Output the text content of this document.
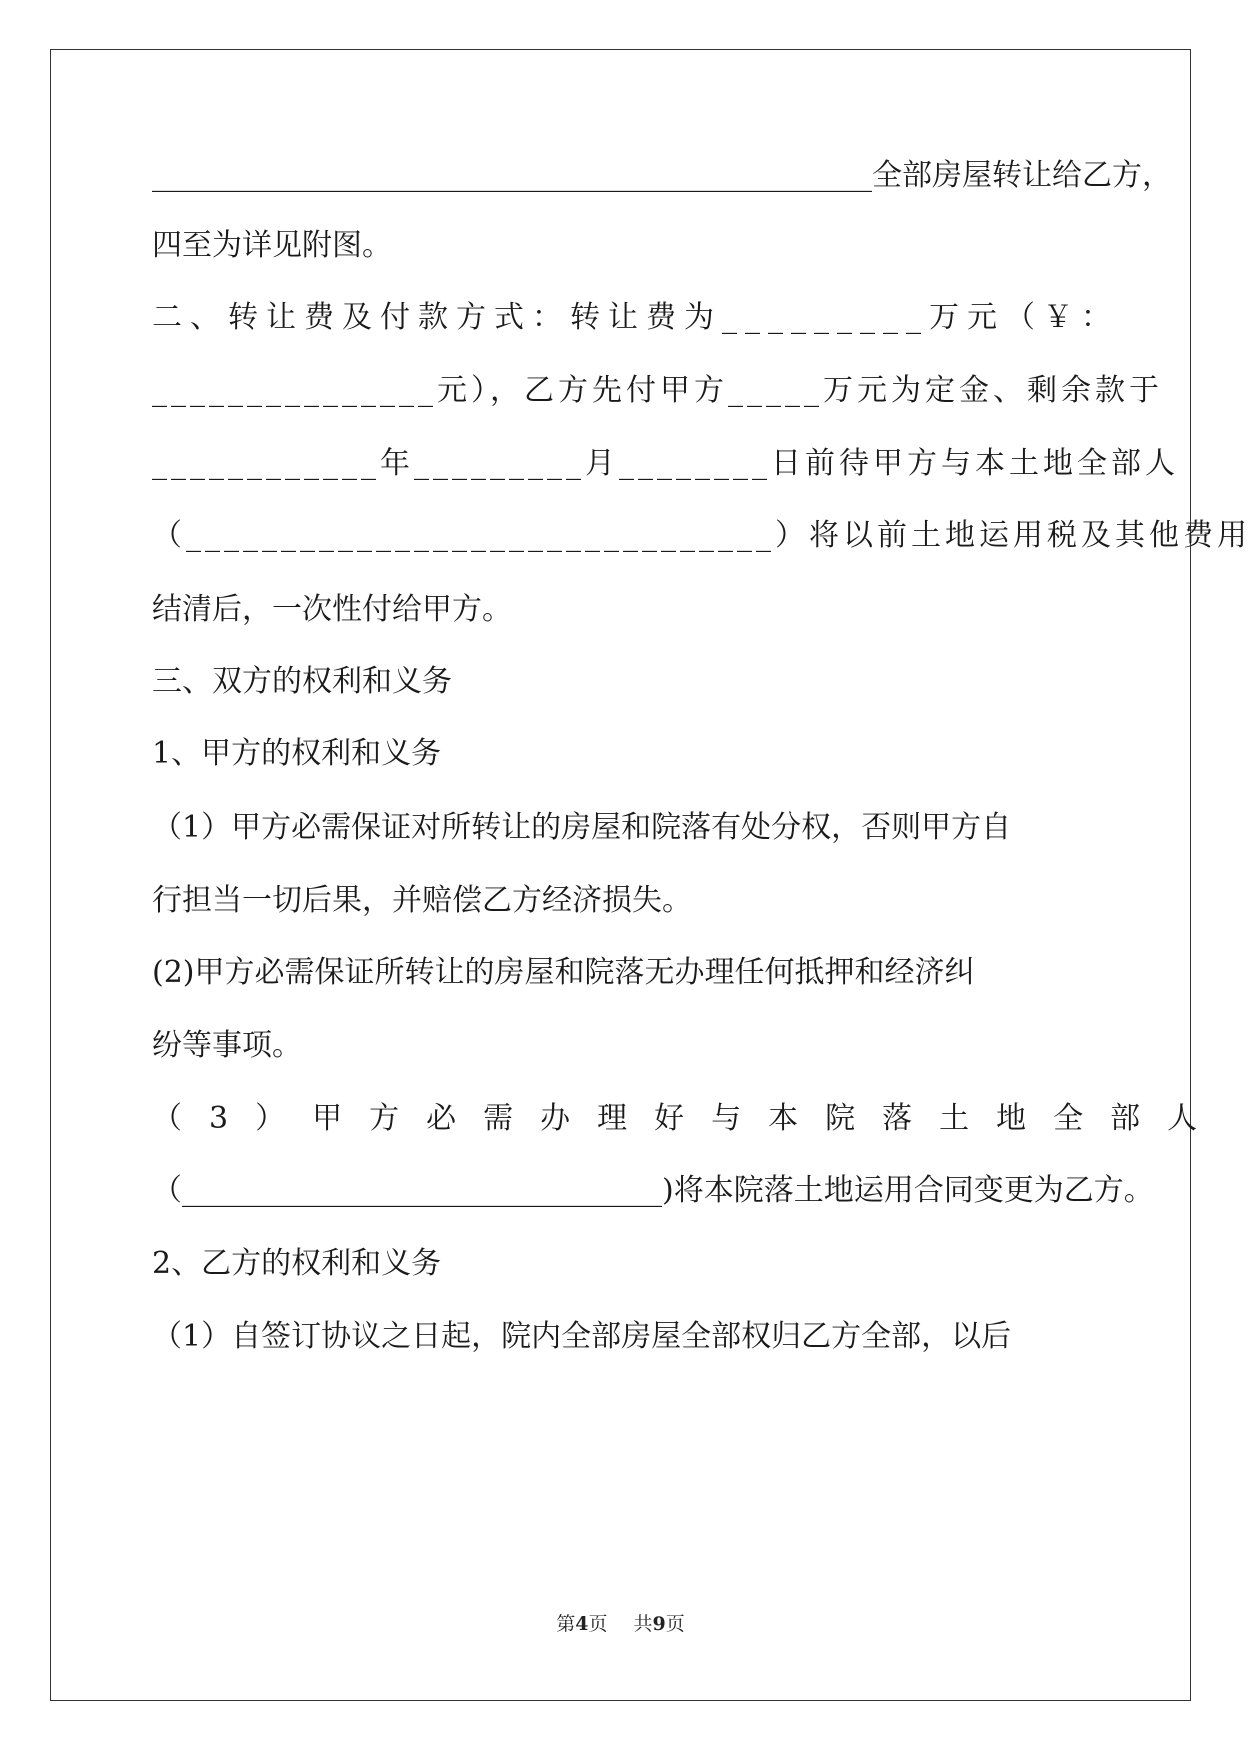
________________________________________________全部房屋转让给乙方，
四至为详见附图。
二、转让费及付款方式：转让费为_________万元（￥：
_______________元），乙方先付甲方_____万元为定金、剩余款于
____________年_________月________日前待甲方与本土地全部人
（_______________________________）将以前土地运用税及其他费用
结清后，一次性付给甲方。
三、双方的权利和义务
1、甲方的权利和义务
（1）甲方必需保证对所转让的房屋和院落有处分权，否则甲方自
行担当一切后果，并赔偿乙方经济损失。
(2)甲方必需保证所转让的房屋和院落无办理任何抵押和经济纠
纷等事项。
（3）甲方必需办理好与本院落土地全部人
（________________________________)将本院落土地运用合同变更为乙方。
2、乙方的权利和义务
（1）自签订协议之日起，院内全部房屋全部权归乙方全部，以后
第4页 共9页
